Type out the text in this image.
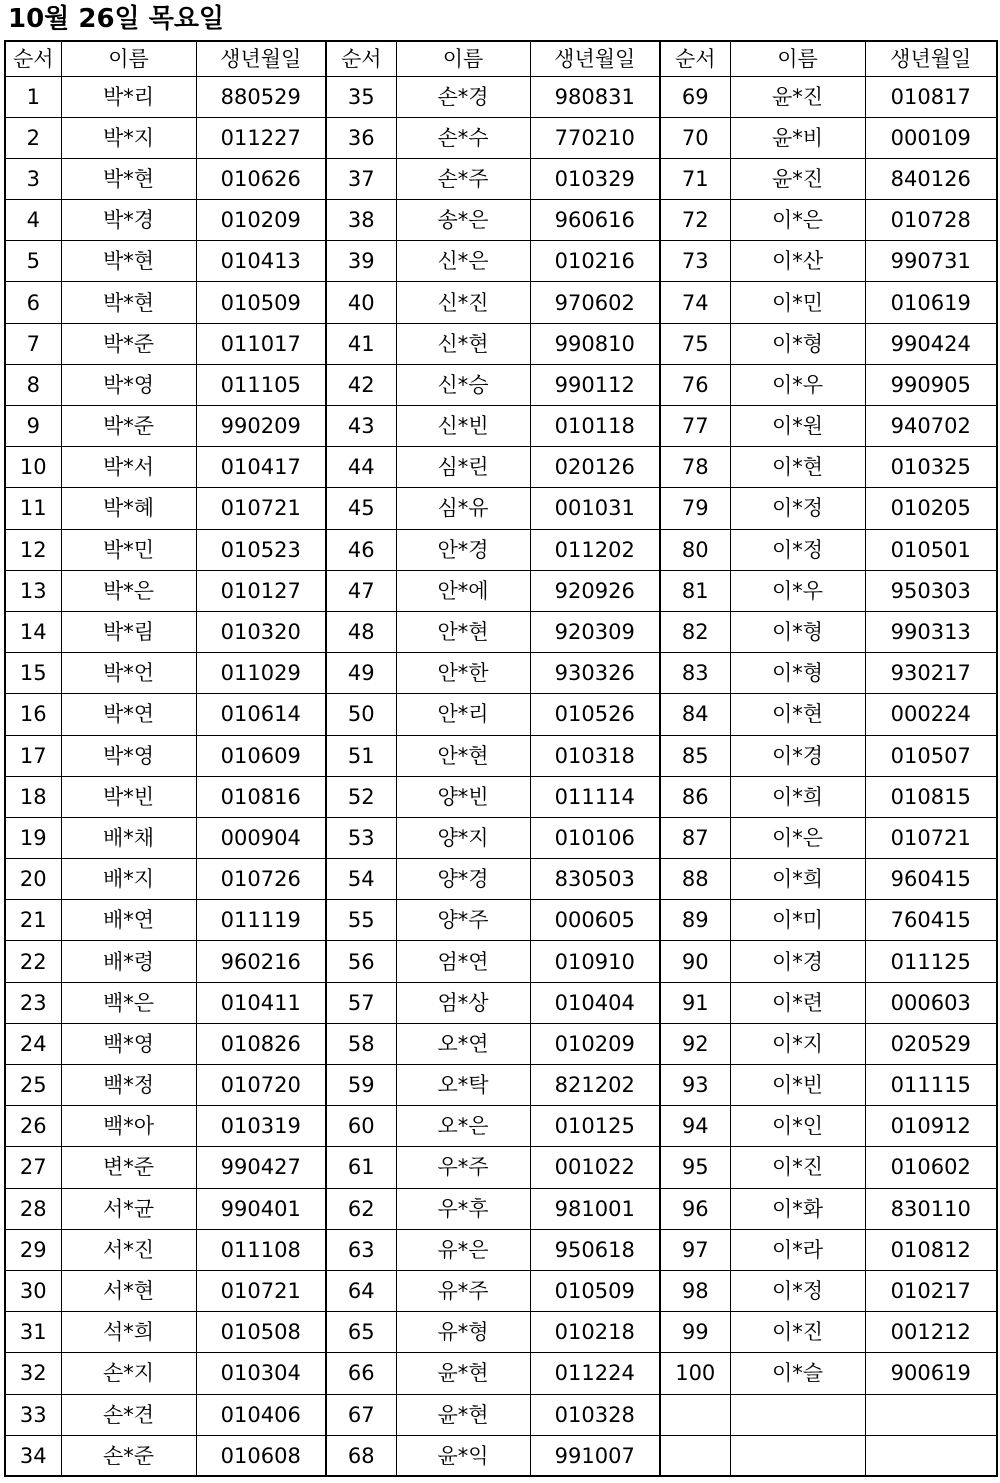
10월 26일 목요일
순서	이름	생년월일	순서	이름	생년월일	순서	이름	생년월일
1	박*리	880529	35	손*경	980831	69	윤*진	010817
2	박*지	011227	36	손*수	770210	70	윤*비	000109
3	박*현	010626	37	손*주	010329	71	윤*진	840126
4	박*경	010209	38	송*은	960616	72	이*은	010728
5	박*현	010413	39	신*은	010216	73	이*산	990731
6	박*현	010509	40	신*진	970602	74	이*민	010619
7	박*준	011017	41	신*현	990810	75	이*형	990424
8	박*영	011105	42	신*승	990112	76	이*우	990905
9	박*준	990209	43	신*빈	010118	77	이*원	940702
10	박*서	010417	44	심*린	020126	78	이*현	010325
11	박*혜	010721	45	심*유	001031	79	이*정	010205
12	박*민	010523	46	안*경	011202	80	이*정	010501
13	박*은	010127	47	안*에	920926	81	이*우	950303
14	박*림	010320	48	안*현	920309	82	이*형	990313
15	박*언	011029	49	안*한	930326	83	이*형	930217
16	박*연	010614	50	안*리	010526	84	이*현	000224
17	박*영	010609	51	안*현	010318	85	이*경	010507
18	박*빈	010816	52	양*빈	011114	86	이*희	010815
19	배*채	000904	53	양*지	010106	87	이*은	010721
20	배*지	010726	54	양*경	830503	88	이*희	960415
21	배*연	011119	55	양*주	000605	89	이*미	760415
22	배*령	960216	56	엄*연	010910	90	이*경	011125
23	백*은	010411	57	엄*상	010404	91	이*련	000603
24	백*영	010826	58	오*연	010209	92	이*지	020529
25	백*정	010720	59	오*탁	821202	93	이*빈	011115
26	백*아	010319	60	오*은	010125	94	이*인	010912
27	변*준	990427	61	우*주	001022	95	이*진	010602
28	서*균	990401	62	우*후	981001	96	이*화	830110
29	서*진	011108	63	유*은	950618	97	이*라	010812
30	서*현	010721	64	유*주	010509	98	이*정	010217
31	석*희	010508	65	유*형	010218	99	이*진	001212
32	손*지	010304	66	윤*현	011224	100	이*슬	900619
33	손*견	010406	67	윤*현	010328			
34	손*준	010608	68	윤*익	991007			
